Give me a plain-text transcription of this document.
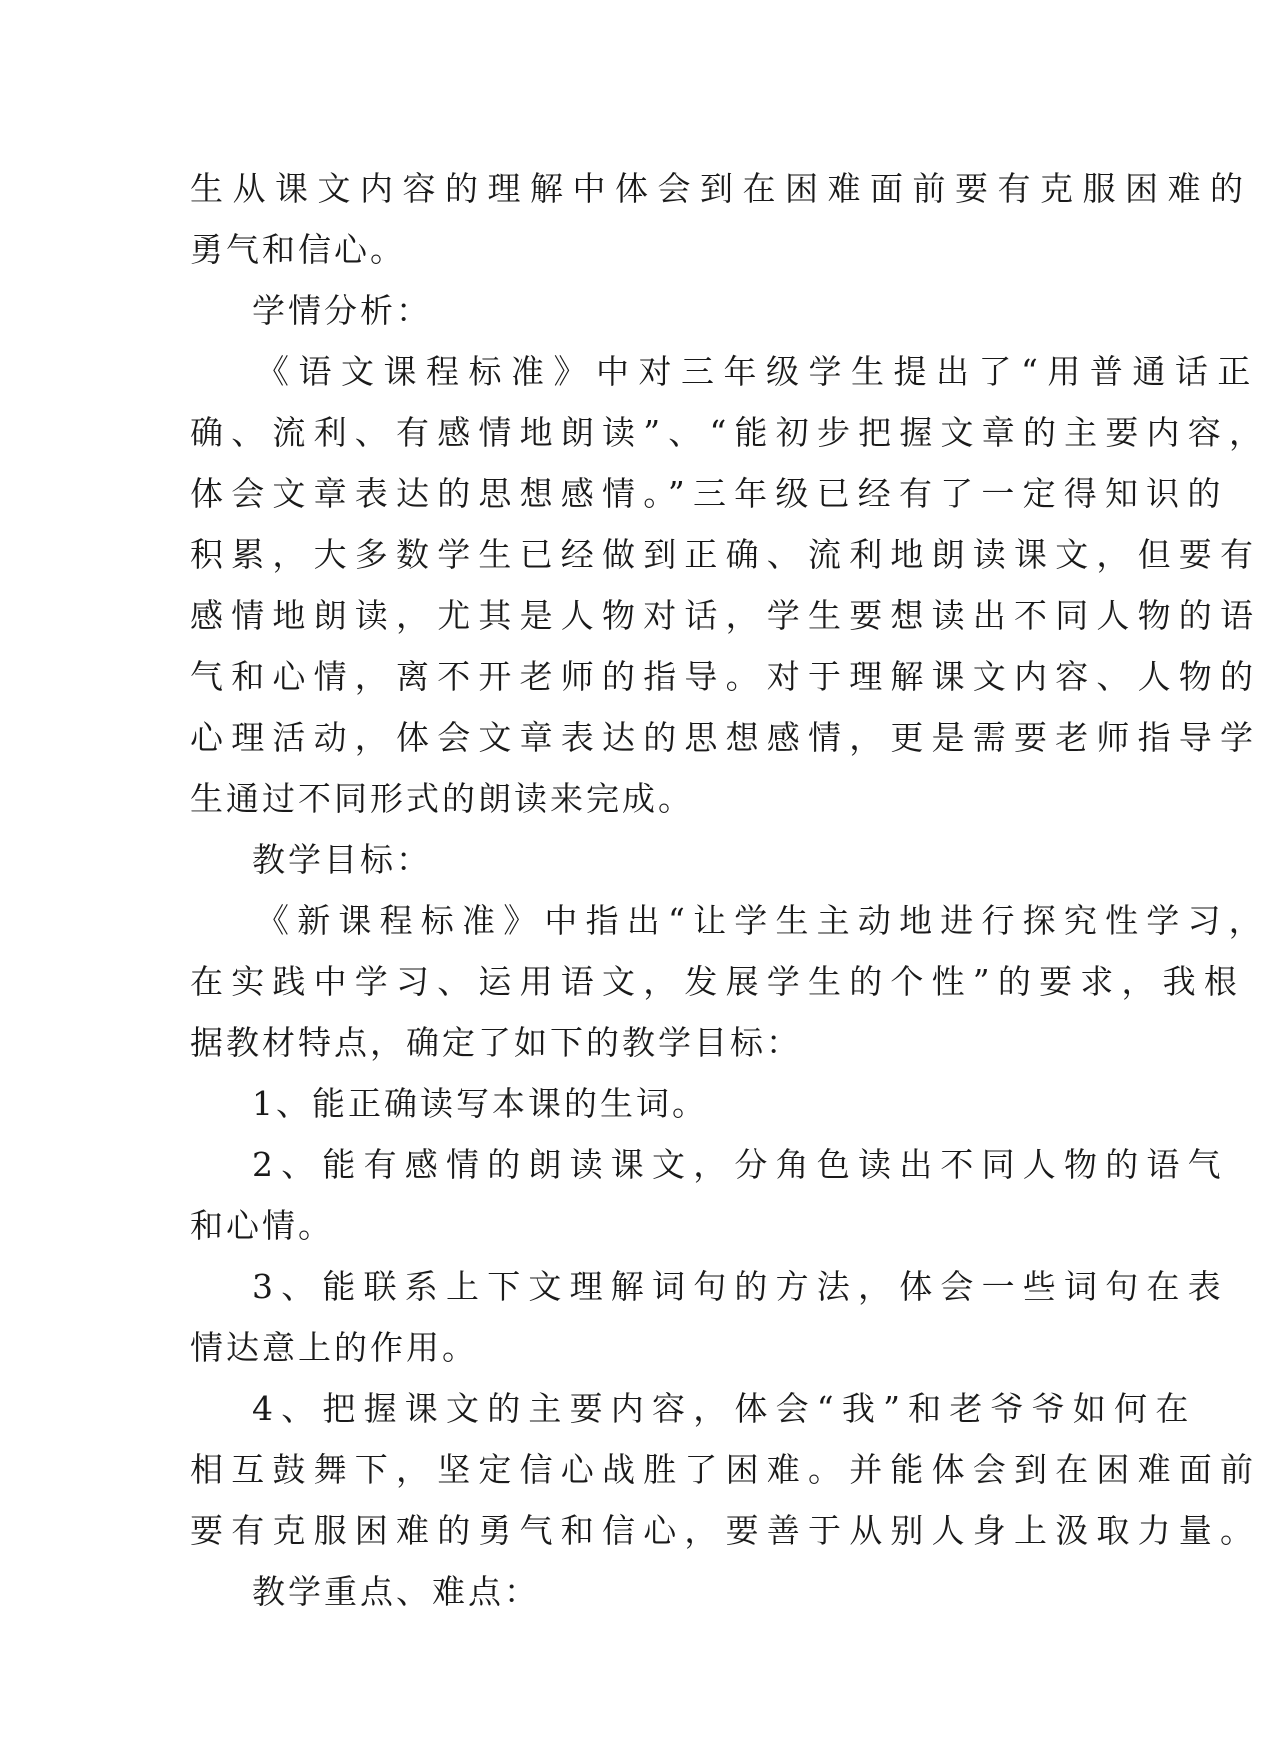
生从课文内容的理解中体会到在困难面前要有克服困难的
勇气和信心。
学情分析：
《语文课程标准》中对三年级学生提出了“用普通话正
确、流利、有感情地朗读”、“能初步把握文章的主要内容，
体会文章表达的思想感情。”三年级已经有了一定得知识的
积累，大多数学生已经做到正确、流利地朗读课文，但要有
感情地朗读，尤其是人物对话，学生要想读出不同人物的语
气和心情，离不开老师的指导。对于理解课文内容、人物的
心理活动，体会文章表达的思想感情，更是需要老师指导学
生通过不同形式的朗读来完成。
教学目标：
《新课程标准》中指出“让学生主动地进行探究性学习，
在实践中学习、运用语文，发展学生的个性”的要求，我根
据教材特点，确定了如下的教学目标：
1、能正确读写本课的生词。
2、能有感情的朗读课文，分角色读出不同人物的语气
和心情。
3、能联系上下文理解词句的方法，体会一些词句在表
情达意上的作用。
4、把握课文的主要内容，体会“我”和老爷爷如何在
相互鼓舞下，坚定信心战胜了困难。并能体会到在困难面前
要有克服困难的勇气和信心，要善于从别人身上汲取力量。
教学重点、难点：
